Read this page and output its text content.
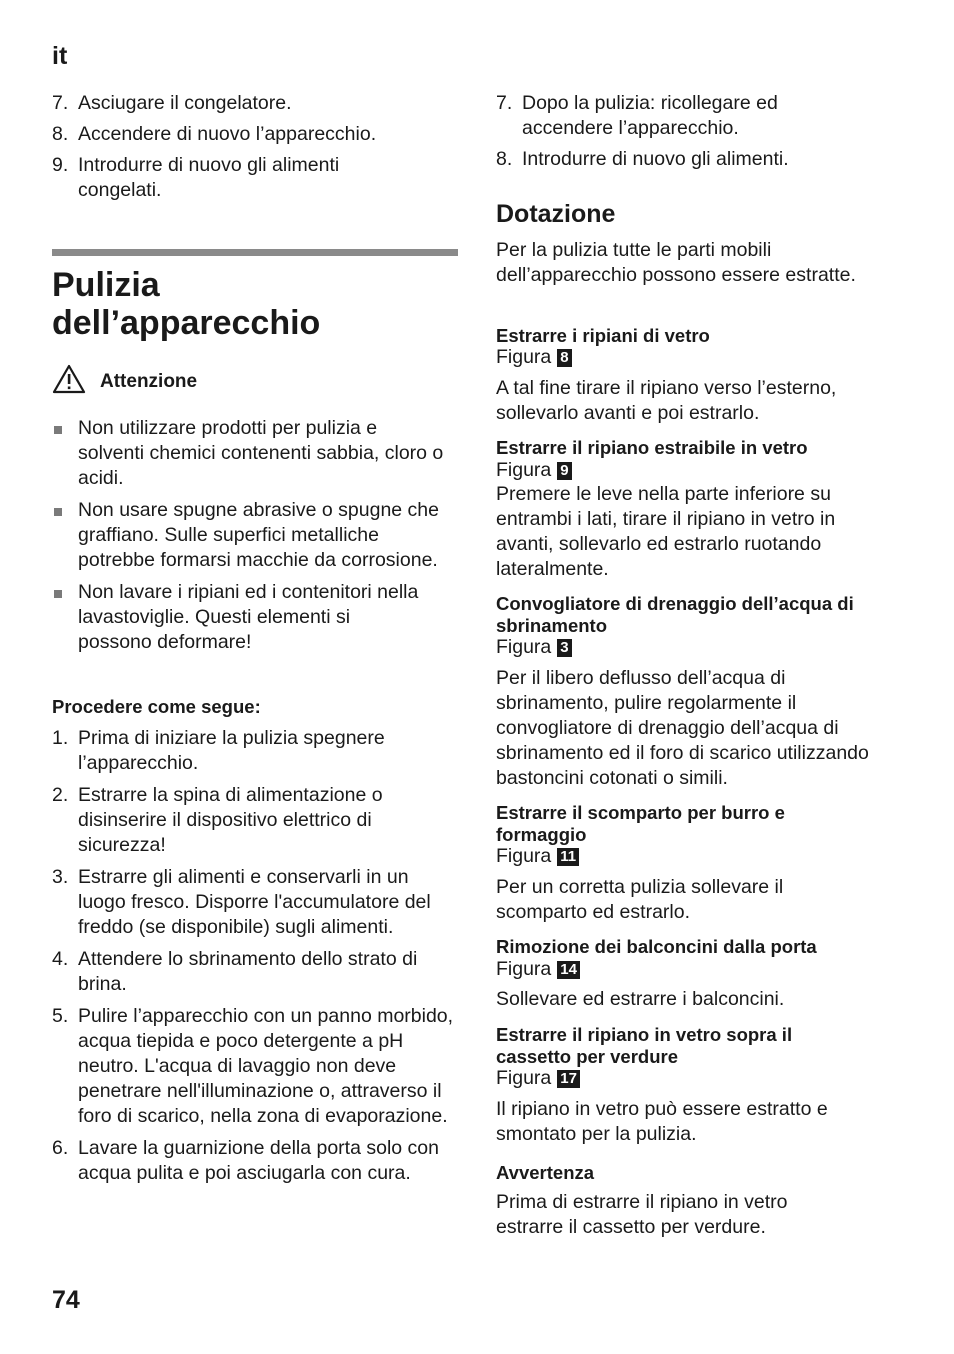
it
7. Asciugare il congelatore.
8. Accendere di nuovo l’apparecchio.
9. Introdurre di nuovo gli alimenti congelati.
Pulizia
dell’apparecchio
Attenzione
Non utilizzare prodotti per pulizia e solventi chemici contenenti sabbia, cloro o acidi.
Non usare spugne abrasive o spugne che graffiano. Sulle superfici metalliche potrebbe formarsi macchie da corrosione.
Non lavare i ripiani ed i contenitori nella lavastoviglie. Questi elementi si possono deformare!
Procedere come segue:
1. Prima di iniziare la pulizia spegnere l’apparecchio.
2. Estrarre la spina di alimentazione o disinserire il dispositivo elettrico di sicurezza!
3. Estrarre gli alimenti e conservarli in un luogo fresco. Disporre l'accumulatore del freddo (se disponibile) sugli alimenti.
4. Attendere lo sbrinamento dello strato di brina.
5. Pulire l’apparecchio con un panno morbido, acqua tiepida e poco detergente a pH neutro. L'acqua di lavaggio non deve penetrare nell'illuminazione o, attraverso il foro di scarico, nella zona di evaporazione.
6. Lavare la guarnizione della porta solo con acqua pulita e poi asciugarla con cura.
74
7. Dopo la pulizia: ricollegare ed accendere l’apparecchio.
8. Introdurre di nuovo gli alimenti.
Dotazione
Per la pulizia tutte le parti mobili dell’apparecchio possono essere estratte.
Estrarre i ripiani di vetro
Figura 8
A tal fine tirare il ripiano verso l’esterno, sollevarlo avanti e poi estrarlo.
Estrarre il ripiano estraibile in vetro
Figura 9
Premere le leve nella parte inferiore su entrambi i lati, tirare il ripiano in vetro in avanti, sollevarlo ed estrarlo ruotando lateralmente.
Convogliatore di drenaggio dell’acqua di sbrinamento
Figura 3
Per il libero deflusso dell’acqua di sbrinamento, pulire regolarmente il convogliatore di drenaggio dell’acqua di sbrinamento ed il foro di scarico utilizzando bastoncini cotonati o simili.
Estrarre il scomparto per burro e formaggio
Figura 11
Per un corretta pulizia sollevare il scomparto ed estrarlo.
Rimozione dei balconcini dalla porta
Figura 14
Sollevare ed estrarre i balconcini.
Estrarre il ripiano in vetro sopra il cassetto per verdure
Figura 17
Il ripiano in vetro può essere estratto e smontato per la pulizia.
Avvertenza
Prima di estrarre il ripiano in vetro estrarre il cassetto per verdure.
